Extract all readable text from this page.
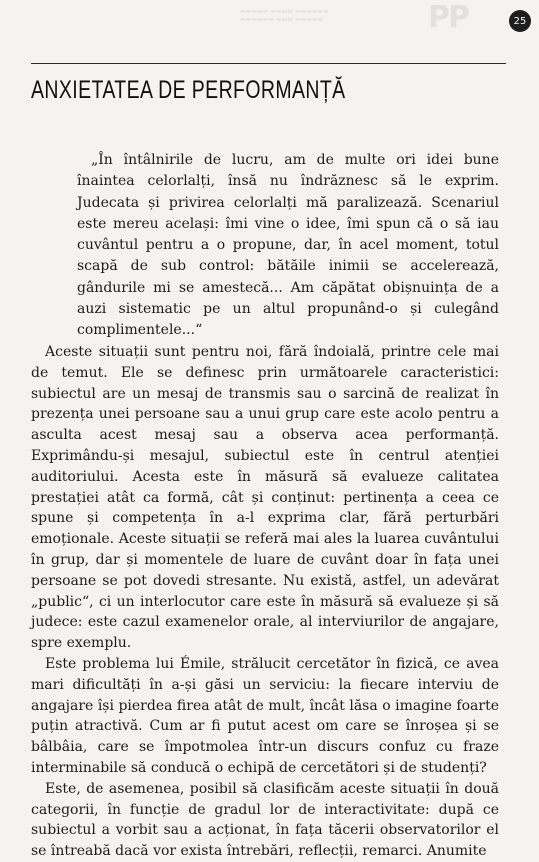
▬▬▬▬▬ ▬▬▬▬ ▬▬▬▬▬▬
▬▬▬▬▬▬ ▬▬▬ ▬▬▬▬▬	PP	25
ANXIETATEA DE PERFORMANȚĂ

„În întâlnirile de lucru, am de multe ori idei bune înaintea celorlalți, însă nu îndrăznesc să le exprim. Judecata și privirea celorlalți mă paralizează. Scenariul este mereu același: îmi vine o idee, îmi spun că o să iau cuvântul pentru a o propune, dar, în acel moment, totul scapă de sub control: bătăile inimii se accelerează, gândurile mi se amestecă... Am căpătat obișnuința de a auzi sistematic pe un altul propunând-o și culegând complimentele...“

Aceste situații sunt pentru noi, fără îndoială, printre cele mai de temut. Ele se definesc prin următoarele caracteristici: subiectul are un mesaj de transmis sau o sarcină de realizat în prezența unei persoane sau a unui grup care este acolo pentru a asculta acest mesaj sau a observa acea performanță. Exprimându-și mesajul, subiectul este în centrul atenției auditoriului. Acesta este în măsură să evalueze calitatea prestației atât ca formă, cât și conținut: pertinența a ceea ce spune și competența în a-l exprima clar, fără perturbări emoționale. Aceste situații se referă mai ales la luarea cuvântului în grup, dar și momentele de luare de cuvânt doar în fața unei persoane se pot dovedi stresante. Nu există, astfel, un adevărat „public“, ci un interlocutor care este în măsură să evalueze și să judece: este cazul examenelor orale, al interviurilor de angajare, spre exemplu.

Este problema lui Émile, strălucit cercetător în fizică, ce avea mari dificultăți în a-și găsi un serviciu: la fiecare interviu de angajare își pierdea firea atât de mult, încât lăsa o imagine foarte puțin atractivă. Cum ar fi putut acest om care se înroșea și se bâlbâia, care se împotmolea într-un discurs confuz cu fraze interminabile să conducă o echipă de cercetători și de studenți?

Este, de asemenea, posibil să clasificăm aceste situații în două categorii, în funcție de gradul lor de interactivitate: după ce subiectul a vorbit sau a acționat, în fața tăcerii observatorilor el se întreabă dacă vor exista întrebări, reflecții, remarci. Anumite
